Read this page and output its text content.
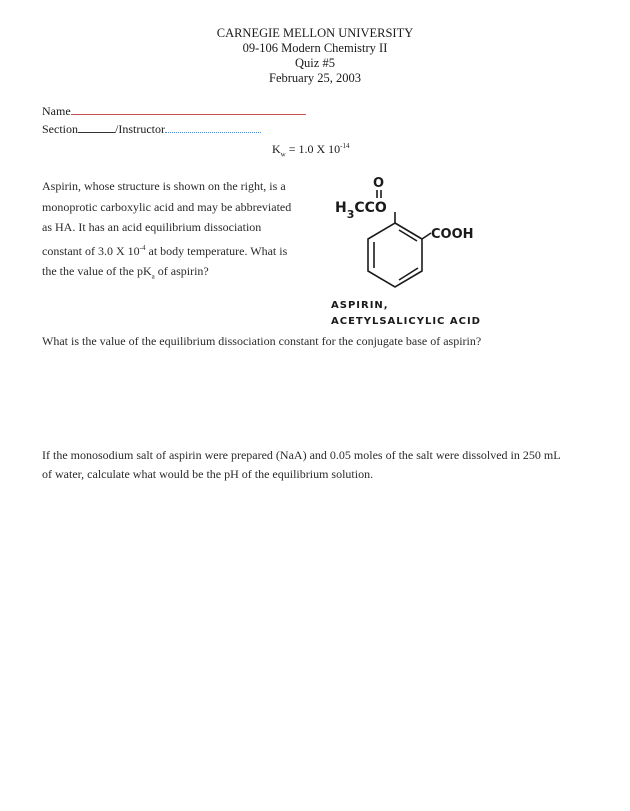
CARNEGIE MELLON UNIVERSITY
09-106 Modern Chemistry II
Quiz #5
February 25, 2003
Name
Section	/Instructor
$K_w = 1.0$ X $10^{-14}$
Aspirin, whose structure is shown on the right, is a
monoprotic carboxylic acid and may be abbreviated
as HA. It has an acid equilibrium dissociation
constant of 3.0 X $10^{-4}$ at body temperature. What is
the the value of the $pK_a$ of aspirin?
O
$H_3CCO$
COOH
ASPIRIN,
ACETYLSALICYLIC ACID
What is the value of the equilibrium dissociation constant for the conjugate base of aspirin?
If the monosodium salt of aspirin were prepared (NaA) and 0.05 moles of the salt were dissolved in 250 mL
of water, calculate what would be the pH of the equilibrium solution.
